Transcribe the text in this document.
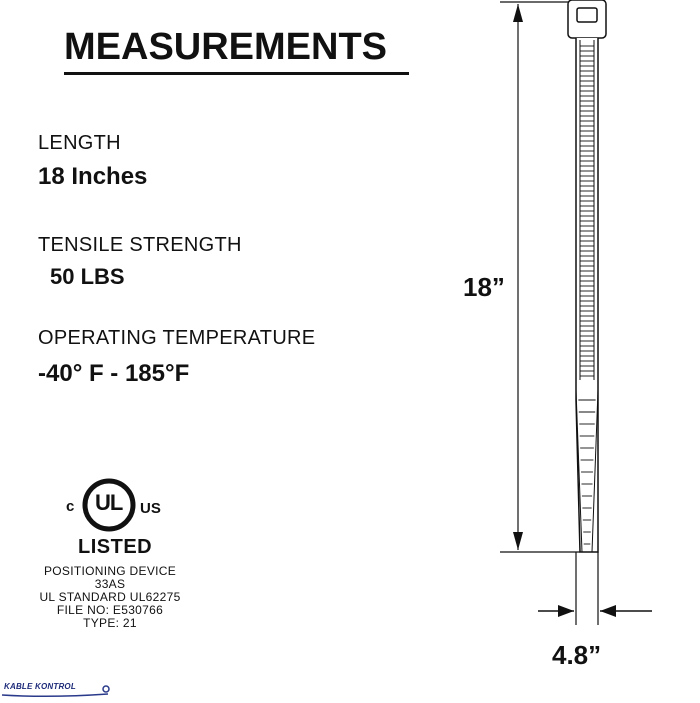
MEASUREMENTS
LENGTH
18 Inches
TENSILE STRENGTH
50 LBS
OPERATING TEMPERATURE
-40° F - 185°F
c UL US
LISTED
POSITIONING DEVICE
33AS
UL STANDARD UL62275
FILE NO: E530766
TYPE: 21
KABLE KONTROL
18”
4.8”
